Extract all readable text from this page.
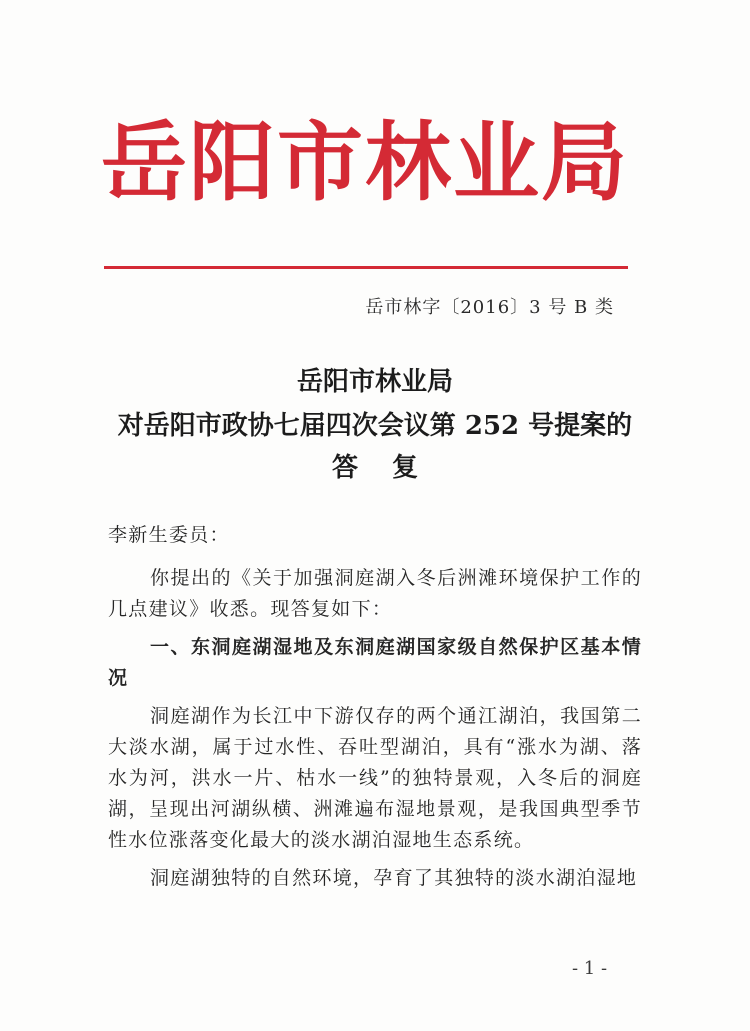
岳阳市林业局
岳市林字〔2016〕3 号 B 类
岳阳市林业局
对岳阳市政协七届四次会议第 252 号提案的
答复

李新生委员：

你提出的《关于加强洞庭湖入冬后洲滩环境保护工作的几点建议》收悉。现答复如下：

一、东洞庭湖湿地及东洞庭湖国家级自然保护区基本情况

洞庭湖作为长江中下游仅存的两个通江湖泊，我国第二大淡水湖，属于过水性、吞吐型湖泊，具有“涨水为湖、落水为河，洪水一片、枯水一线”的独特景观，入冬后的洞庭湖，呈现出河湖纵横、洲滩遍布湿地景观，是我国典型季节性水位涨落变化最大的淡水湖泊湿地生态系统。

洞庭湖独特的自然环境，孕育了其独特的淡水湖泊湿地

- 1 -
